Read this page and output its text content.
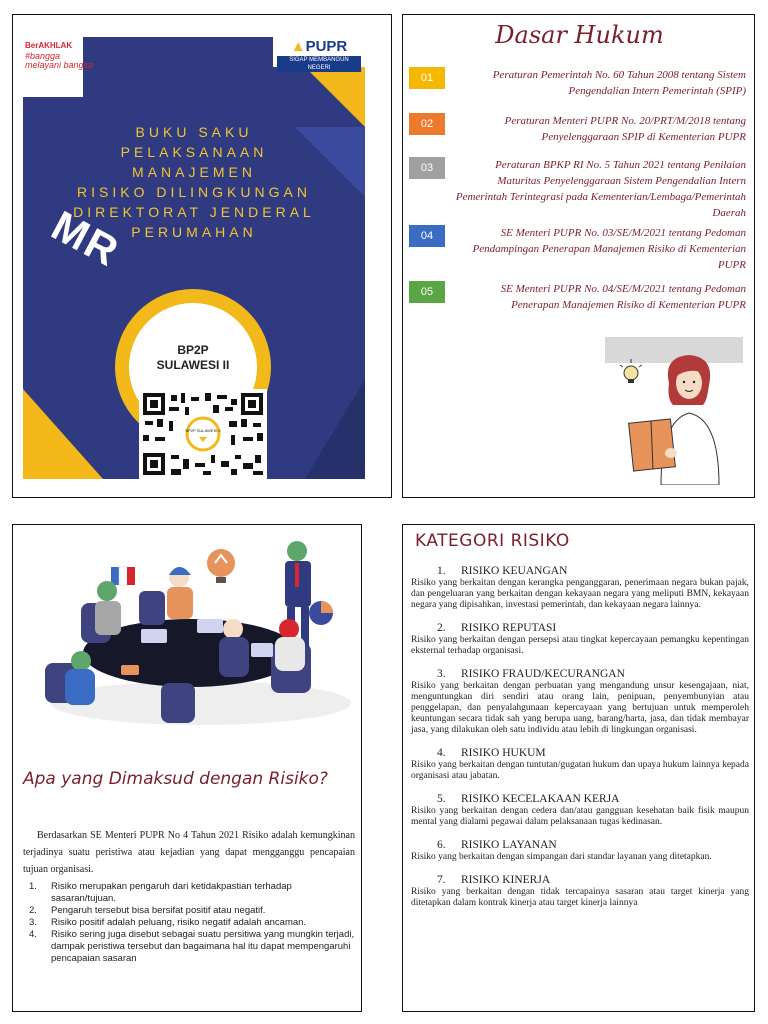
BerAKHLAK
#bangga melayani bangsa
▲PUPR
SIGAP MEMBANGUN NEGERI
BUKU SAKU
PELAKSANAAN
MANAJEMEN
RISIKO DILINGKUNGAN
DIREKTORAT JENDERAL
PERUMAHAN
MR
BP2P
SULAWESI II
BP2P SULAWESI II
Dasar Hukum
01	Peraturan Pemerintah No. 60 Tahun 2008 tentang Sistem Pengendalian Intern Pemerintah (SPIP)
02	Peraturan Menteri PUPR No. 20/PRT/M/2018 tentang Penyelenggaraan SPIP di Kementerian PUPR
03	Peraturan BPKP RI No. 5 Tahun 2021 tentang Penilaian Maturitas Penyelenggaraan Sistem Pengendalian Intern Pemerintah Terintegrasi pada Kementerian/Lembaga/Pemerintah Daerah
04	SE Menteri PUPR No. 03/SE/M/2021 tentang Pedoman Pendampingan Penerapan Manajemen Risiko di Kementerian PUPR
05	SE Menteri PUPR No. 04/SE/M/2021 tentang Pedoman Penerapan Manajemen Risiko di Kementerian PUPR
Apa yang Dimaksud dengan Risiko?
Berdasarkan SE Menteri PUPR No 4 Tahun 2021 Risiko adalah kemungkinan terjadinya suatu peristiwa atau kejadian yang dapat mengganggu pencapaian tujuan organisasi.
1. Risiko merupakan pengaruh dari ketidakpastian terhadap sasaran/tujuan.
2. Pengaruh tersebut bisa bersifat positif atau negatif.
3. Risiko positif adalah peluang, risiko negatif adalah ancaman.
4. Risiko sering juga disebut sebagai suatu persitiwa yang mungkin terjadi, dampak peristiwa tersebut dan bagaimana hal itu dapat mempengaruhi pencapaian sasaran
KATEGORI RISIKO
1. RISIKO KEUANGAN
Risiko yang berkaitan dengan kerangka penganggaran, penerimaan negara bukan pajak, dan pengeluaran yang berkaitan dengan kekayaan negara yang meliputi BMN, kekayaan negara yang dipisahkan, investasi pemerintah, dan kekayaan negara lainnya.
2. RISIKO REPUTASI
Risiko yang berkaitan dengan persepsi atau tingkat kepercayaan pemangku kepentingan eksternal terhadap organisasi.
3. RISIKO FRAUD/KECURANGAN
Risiko yang berkaitan dengan perbuatan yang mengandung unsur kesengajaan, niat, menguntungkan diri sendiri atau orang lain, penipuan, penyembunyian atau penggelapan, dan penyalahgunaan kepercayaan yang bertujuan untuk memperoleh keuntungan secara tidak sah yang berupa uang, barang/harta, jasa, dan tidak membayar jasa, yang dilakukan oleh satu individu atau lebih di lingkungan organisasi.
4. RISIKO HUKUM
Risiko yang berkaitan dengan tuntutan/gugatan hukum dan upaya hukum lainnya kepada organisasi atau jabatan.
5. RISIKO KECELAKAAN KERJA
Risiko yang berkaitan dengan cedera dan/atau gangguan kesehatan baik fisik maupun mental yang dialami pegawai dalam pelaksanaan tugas kedinasan.
6. RISIKO LAYANAN
Risiko yang berkaitan dengan simpangan dari standar layanan yang ditetapkan.
7. RISIKO KINERJA
Risiko yang berkaitan dengan tidak tercapainya sasaran atau target kinerja yang ditetapkan dalam kontrak kinerja atau target kinerja lainnya
